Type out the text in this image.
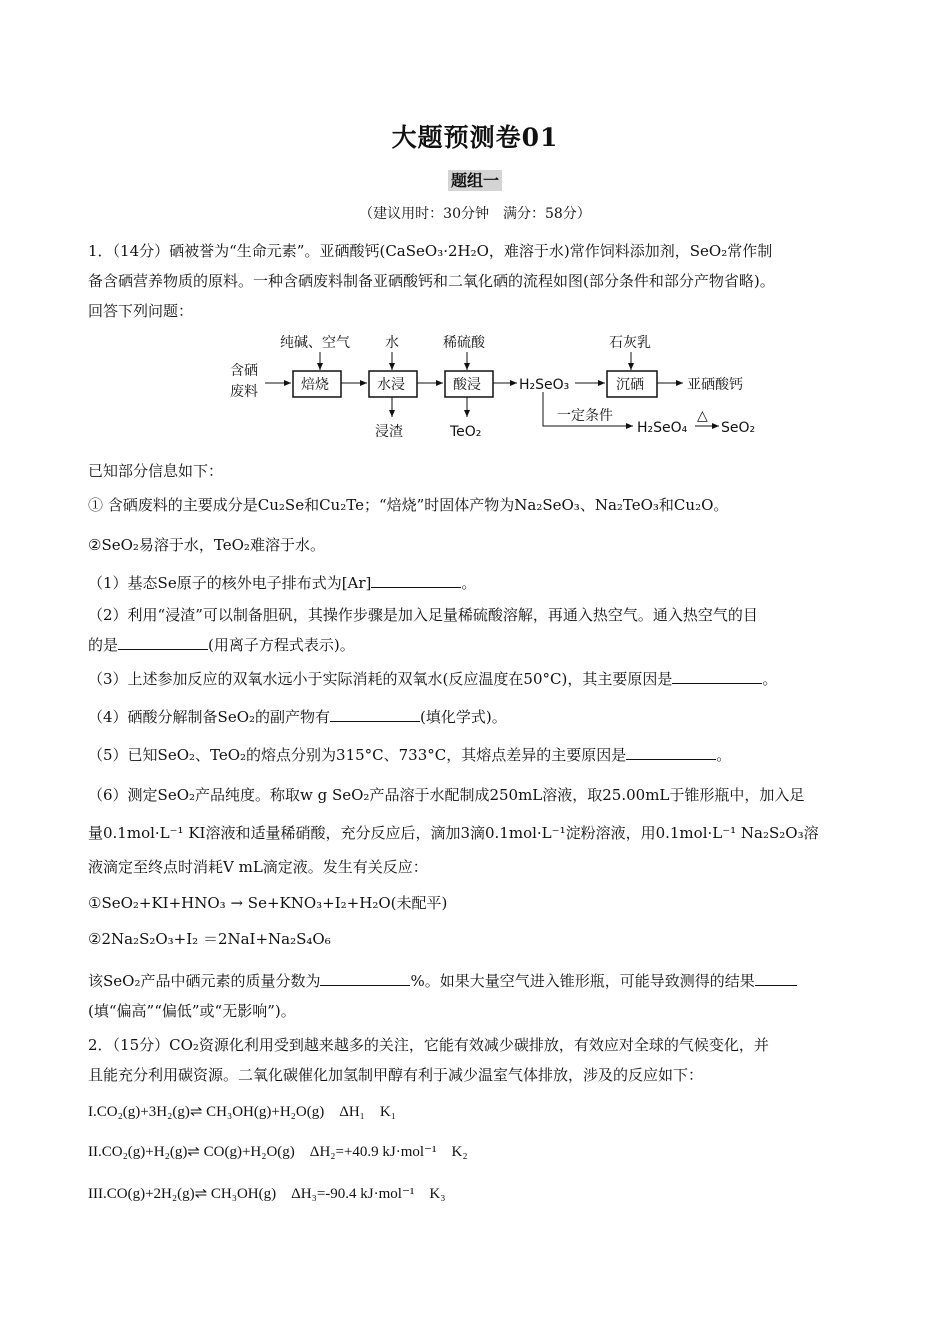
大题预测卷01
题组一
（建议用时：30分钟　满分：58分）
1．（14分）硒被誉为“生命元素”。亚硒酸钙(CaSeO₃·2H₂O，难溶于水)常作饲料添加剂，SeO₂常作制
备含硒营养物质的原料。一种含硒废料制备亚硒酸钙和二氧化硒的流程如图(部分条件和部分产物省略)。
回答下列问题：
含硒
废料
纯碱、空气
焙烧
水
水浸
浸渣
稀硫酸
酸浸
TeO₂
H₂SeO₃
石灰乳
沉硒	亚硒酸钙
一定条件
H₂SeO₄
△
SeO₂
已知部分信息如下：
① 含硒废料的主要成分是Cu₂Se和Cu₂Te；“焙烧”时固体产物为Na₂SeO₃、Na₂TeO₃和Cu₂O。
②SeO₂易溶于水，TeO₂难溶于水。
（1）基态Se原子的核外电子排布式为[Ar]	。
（2）利用“浸渣”可以制备胆矾，其操作步骤是加入足量稀硫酸溶解，再通入热空气。通入热空气的目
的是	(用离子方程式表示)。
（3）上述参加反应的双氧水远小于实际消耗的双氧水(反应温度在50°C)，其主要原因是	。
（4）硒酸分解制备SeO₂的副产物有	(填化学式)。
（5）已知SeO₂、TeO₂的熔点分别为315°C、733°C，其熔点差异的主要原因是	。
（6）测定SeO₂产品纯度。称取w g SeO₂产品溶于水配制成250mL溶液，取25.00mL于锥形瓶中，加入足
量0.1mol·L⁻¹ KI溶液和适量稀硝酸，充分反应后，滴加3滴0.1mol·L⁻¹淀粉溶液，用0.1mol·L⁻¹ Na₂S₂O₃溶
液滴定至终点时消耗V mL滴定液。发生有关反应：
①SeO₂+KI+HNO₃ → Se+KNO₃+I₂+H₂O(未配平)
②2Na₂S₂O₃+I₂ ＝2NaI+Na₂S₄O₆
该SeO₂产品中硒元素的质量分数为	%。如果大量空气进入锥形瓶，可能导致测得的结果
(填“偏高”“偏低”或“无影响”)。
2．（15分）CO₂资源化利用受到越来越多的关注，它能有效减少碳排放，有效应对全球的气候变化，并
且能充分利用碳资源。二氧化碳催化加氢制甲醇有利于减少温室气体排放，涉及的反应如下：
I.CO₂(g)+3H₂(g)⇌ CH₃OH(g)+H₂O(g)　ΔH₁　K₁
II.CO₂(g)+H₂(g)⇌ CO(g)+H₂O(g)　ΔH₂=+40.9 kJ·mol⁻¹　K₂
III.CO(g)+2H₂(g)⇌ CH₃OH(g)　ΔH₃=-90.4 kJ·mol⁻¹　K₃
